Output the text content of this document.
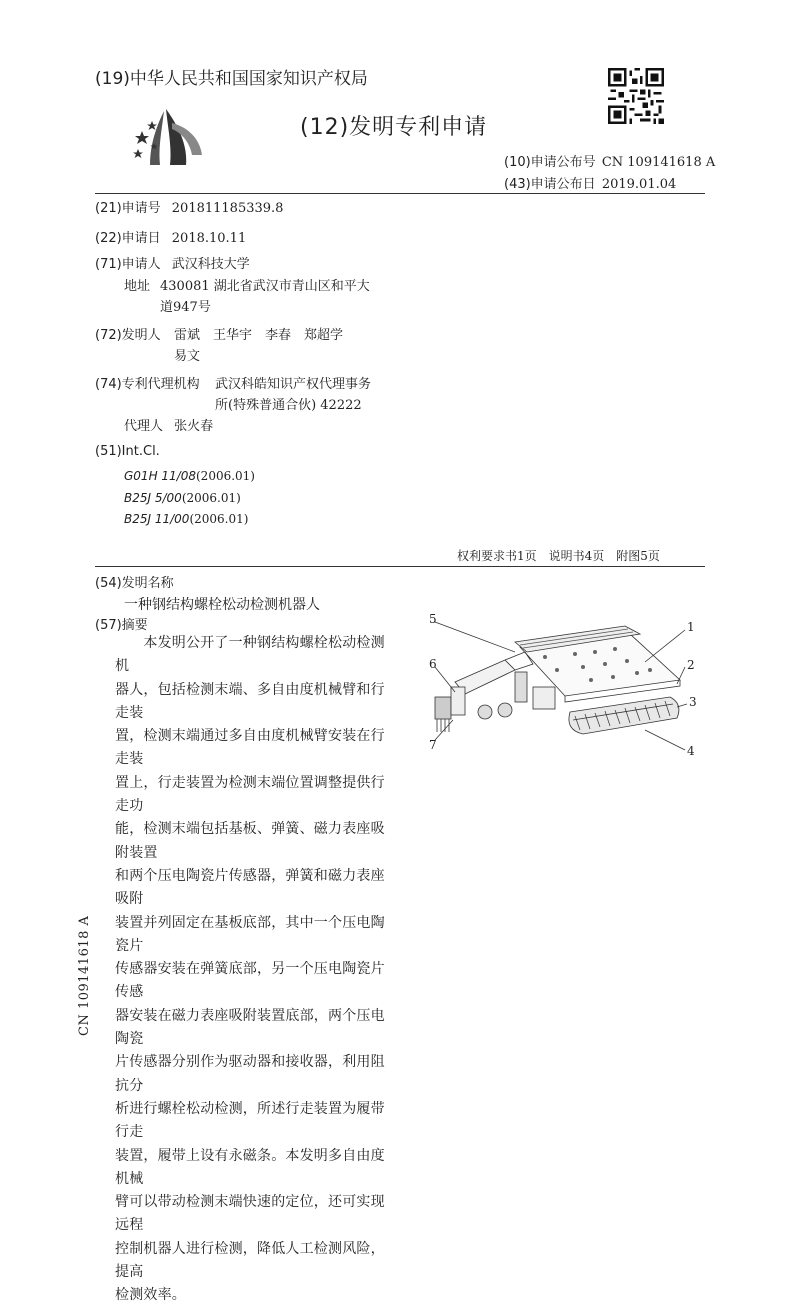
(19)中华人民共和国国家知识产权局
(12)发明专利申请
(10)申请公布号 CN 109141618 A
(43)申请公布日 2019.01.04
(21)申请号 201811185339.8
(22)申请日 2018.10.11
(71)申请人 武汉科技大学
地址 430081 湖北省武汉市青山区和平大
道947号
(72)发明人 雷斌　王华宇　李春　郑超学
易文
(74)专利代理机构 武汉科皓知识产权代理事务
所(特殊普通合伙) 42222
代理人 张火春
(51)Int.Cl.
G01H 11/08(2006.01)
B25J 5/00(2006.01)
B25J 11/00(2006.01)
权利要求书1页　说明书4页　附图5页
(54)发明名称
一种钢结构螺栓松动检测机器人
(57)摘要
　　本发明公开了一种钢结构螺栓松动检测机
器人，包括检测末端、多自由度机械臂和行走装
置，检测末端通过多自由度机械臂安装在行走装
置上，行走装置为检测末端位置调整提供行走功
能，检测末端包括基板、弹簧、磁力表座吸附装置
和两个压电陶瓷片传感器，弹簧和磁力表座吸附
装置并列固定在基板底部，其中一个压电陶瓷片
传感器安装在弹簧底部，另一个压电陶瓷片传感
器安装在磁力表座吸附装置底部，两个压电陶瓷
片传感器分别作为驱动器和接收器，利用阻抗分
析进行螺栓松动检测，所述行走装置为履带行走
装置，履带上设有永磁条。本发明多自由度机械
臂可以带动检测末端快速的定位，还可实现远程
控制机器人进行检测，降低人工检测风险，提高
检测效率。
5
1
6	2
3
7	4
CN 109141618 A
